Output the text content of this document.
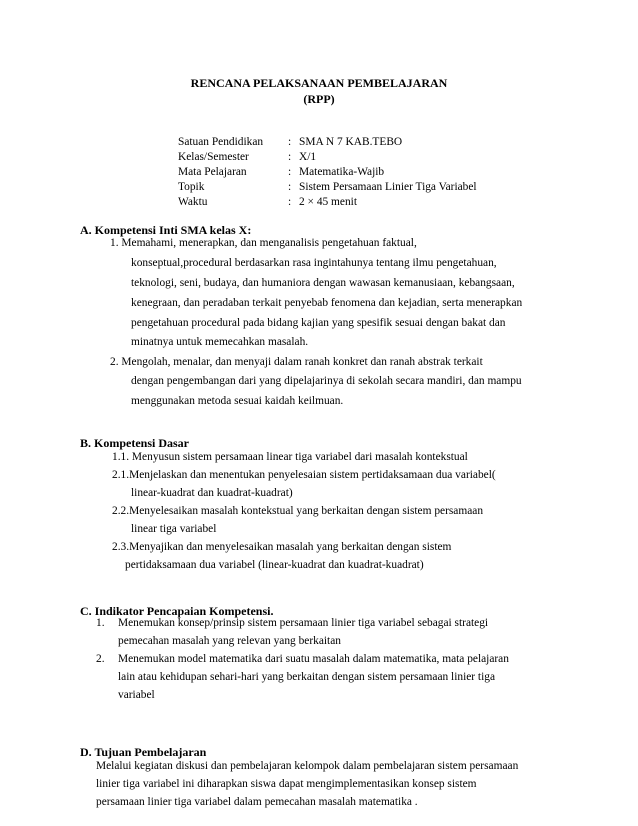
RENCANA PELAKSANAAN PEMBELAJARAN
(RPP)
Satuan Pendidikan : SMA N 7 KAB.TEBO
Kelas/Semester	: X/1
Mata Pelajaran	: Matematika-Wajib
Topik	: Sistem Persamaan Linier Tiga Variabel
Waktu	: 2 × 45 menit
A. Kompetensi Inti SMA kelas X:
1. Memahami, menerapkan, dan menganalisis pengetahuan faktual,
konseptual,procedural berdasarkan rasa ingintahunya tentang ilmu pengetahuan,
teknologi, seni, budaya, dan humaniora dengan wawasan kemanusiaan, kebangsaan,
kenegraan, dan peradaban terkait penyebab fenomena dan kejadian, serta menerapkan
pengetahuan procedural pada bidang kajian yang spesifik sesuai dengan bakat dan
minatnya untuk memecahkan masalah.
2. Mengolah, menalar, dan menyaji dalam ranah konkret dan ranah abstrak terkait
dengan pengembangan dari yang dipelajarinya di sekolah secara mandiri, dan mampu
menggunakan metoda sesuai kaidah keilmuan.
B. Kompetensi Dasar
1.1. Menyusun sistem persamaan linear tiga variabel dari masalah kontekstual
2.1.Menjelaskan dan menentukan penyelesaian sistem pertidaksamaan dua variabel(
linear-kuadrat dan kuadrat-kuadrat)
2.2.Menyelesaikan masalah kontekstual yang berkaitan dengan sistem persamaan
linear tiga variabel
2.3.Menyajikan dan menyelesaikan masalah yang berkaitan dengan sistem
pertidaksamaan dua variabel (linear-kuadrat dan kuadrat-kuadrat)
C. Indikator Pencapaian Kompetensi.
1. Menemukan konsep/prinsip sistem persamaan linier tiga variabel sebagai strategi
pemecahan masalah yang relevan yang berkaitan
2. Menemukan model matematika dari suatu masalah dalam matematika, mata pelajaran
lain atau kehidupan sehari-hari yang berkaitan dengan sistem persamaan linier tiga
variabel
D. Tujuan Pembelajaran
Melalui kegiatan diskusi dan pembelajaran kelompok dalam pembelajaran sistem persamaan
linier tiga variabel ini diharapkan siswa dapat mengimplementasikan konsep sistem
persamaan linier tiga variabel dalam pemecahan masalah matematika .
